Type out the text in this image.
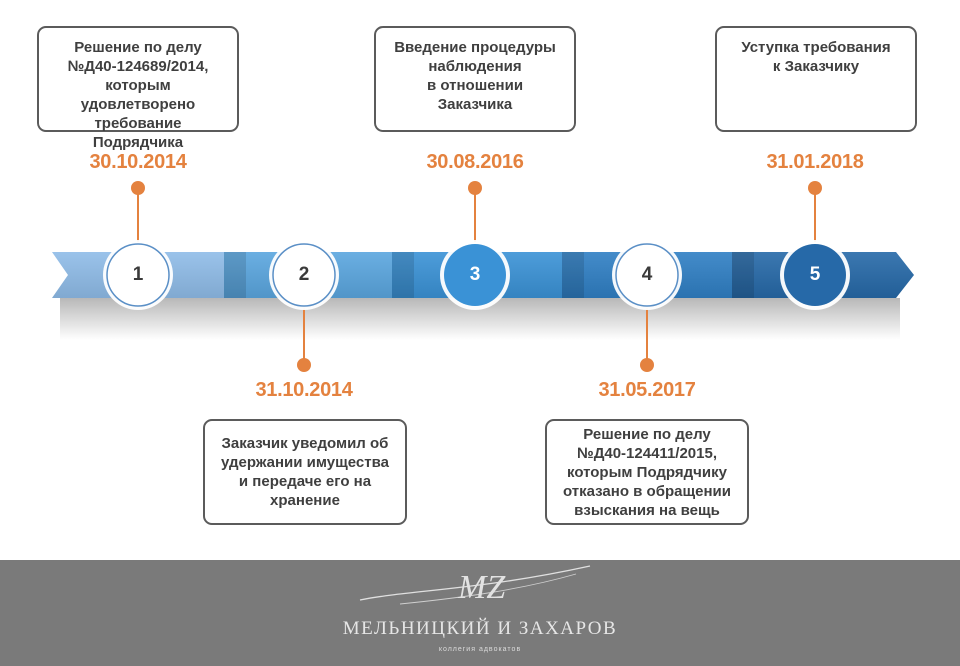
1	2	3	4	5
30.10.2014
31.10.2014
30.08.2016
31.05.2017
31.01.2018
Решение по делу
№Д40-124689/2014,
которым удовлетворено
требование Подрядчика
Заказчик уведомил об
удержании имущества
и передаче его на
хранение
Введение процедуры
наблюдения
в отношении Заказчика
Решение по делу
№Д40-124411/2015,
которым Подрядчику
отказано в обращении
взыскания на вещь
Уступка требования
к Заказчику
MZ
МЕЛЬНИЦКИЙ И ЗАХАРОВ
коллегия адвокатов
